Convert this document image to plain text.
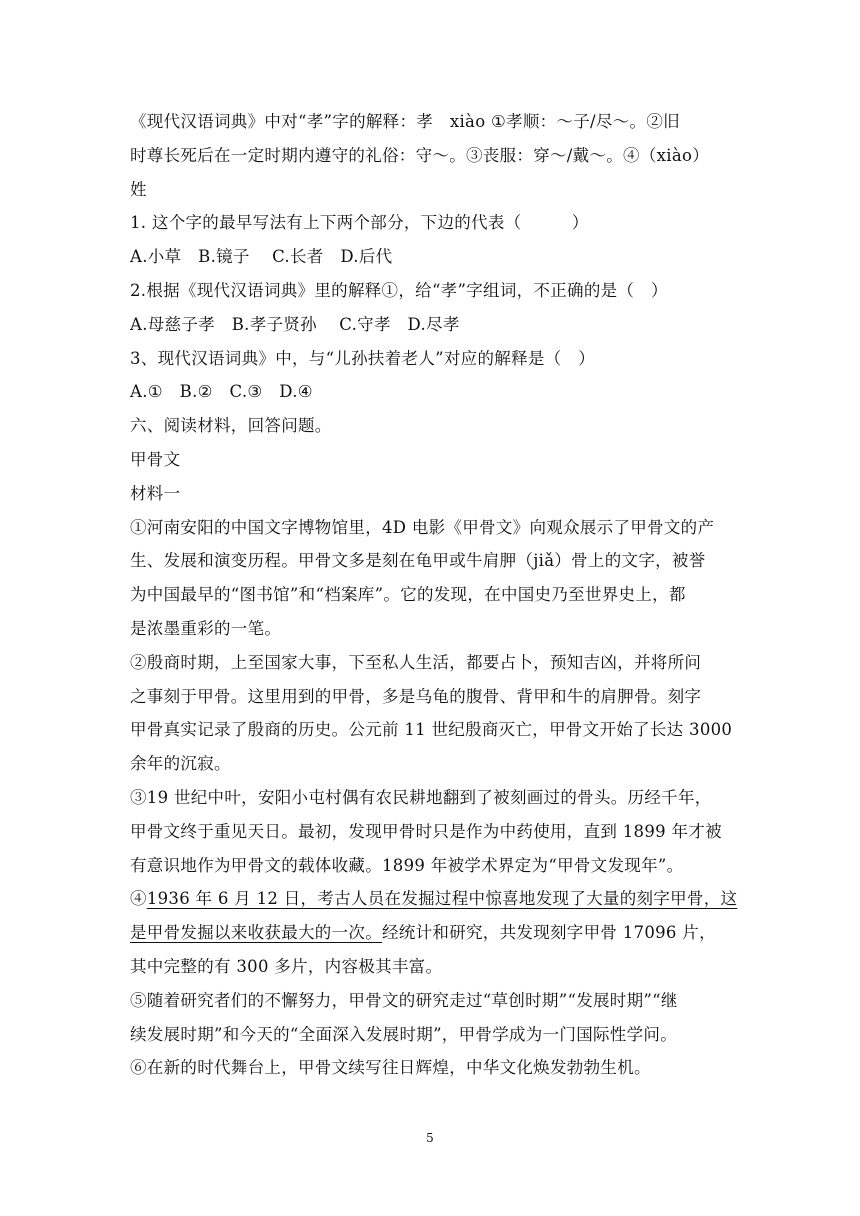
《现代汉语词典》中对“孝”字的解释：孝　xiào ①孝顺：～子/尽～。②旧
时尊长死后在一定时期内遵守的礼俗：守～。③丧服：穿～/戴～。④（xiào）
姓
1. 这个字的最早写法有上下两个部分，下边的代表（　　　）
A.小草　B.镜子　 C.长者　D.后代
2.根据《现代汉语词典》里的解释①，给“孝”字组词，不正确的是（　）
A.母慈子孝　B.孝子贤孙　 C.守孝　D.尽孝
3、现代汉语词典》中，与“儿孙扶着老人”对应的解释是（　）
A.①　B.②　C.③　D.④
六、阅读材料，回答问题。
甲骨文
材料一
①河南安阳的中国文字博物馆里，4D 电影《甲骨文》向观众展示了甲骨文的产
生、发展和演变历程。甲骨文多是刻在龟甲或牛肩胛（jiǎ）骨上的文字，被誉
为中国最早的“图书馆”和“档案库”。它的发现，在中国史乃至世界史上，都
是浓墨重彩的一笔。
②殷商时期，上至国家大事，下至私人生活，都要占卜，预知吉凶，并将所问
之事刻于甲骨。这里用到的甲骨，多是乌龟的腹骨、背甲和牛的肩胛骨。刻字
甲骨真实记录了殷商的历史。公元前 11 世纪殷商灭亡，甲骨文开始了长达 3000
余年的沉寂。
③19 世纪中叶，安阳小屯村偶有农民耕地翻到了被刻画过的骨头。历经千年，
甲骨文终于重见天日。最初，发现甲骨时只是作为中药使用，直到 1899 年才被
有意识地作为甲骨文的载体收藏。1899 年被学术界定为“甲骨文发现年”。
④1936 年 6 月 12 日，考古人员在发掘过程中惊喜地发现了大量的刻字甲骨，这
是甲骨发掘以来收获最大的一次。经统计和研究，共发现刻字甲骨 17096 片，
其中完整的有 300 多片，内容极其丰富。
⑤随着研究者们的不懈努力，甲骨文的研究走过“草创时期”“发展时期”“继
续发展时期”和今天的“全面深入发展时期”，甲骨学成为一门国际性学问。
⑥在新的时代舞台上，甲骨文续写往日辉煌，中华文化焕发勃勃生机。
5
